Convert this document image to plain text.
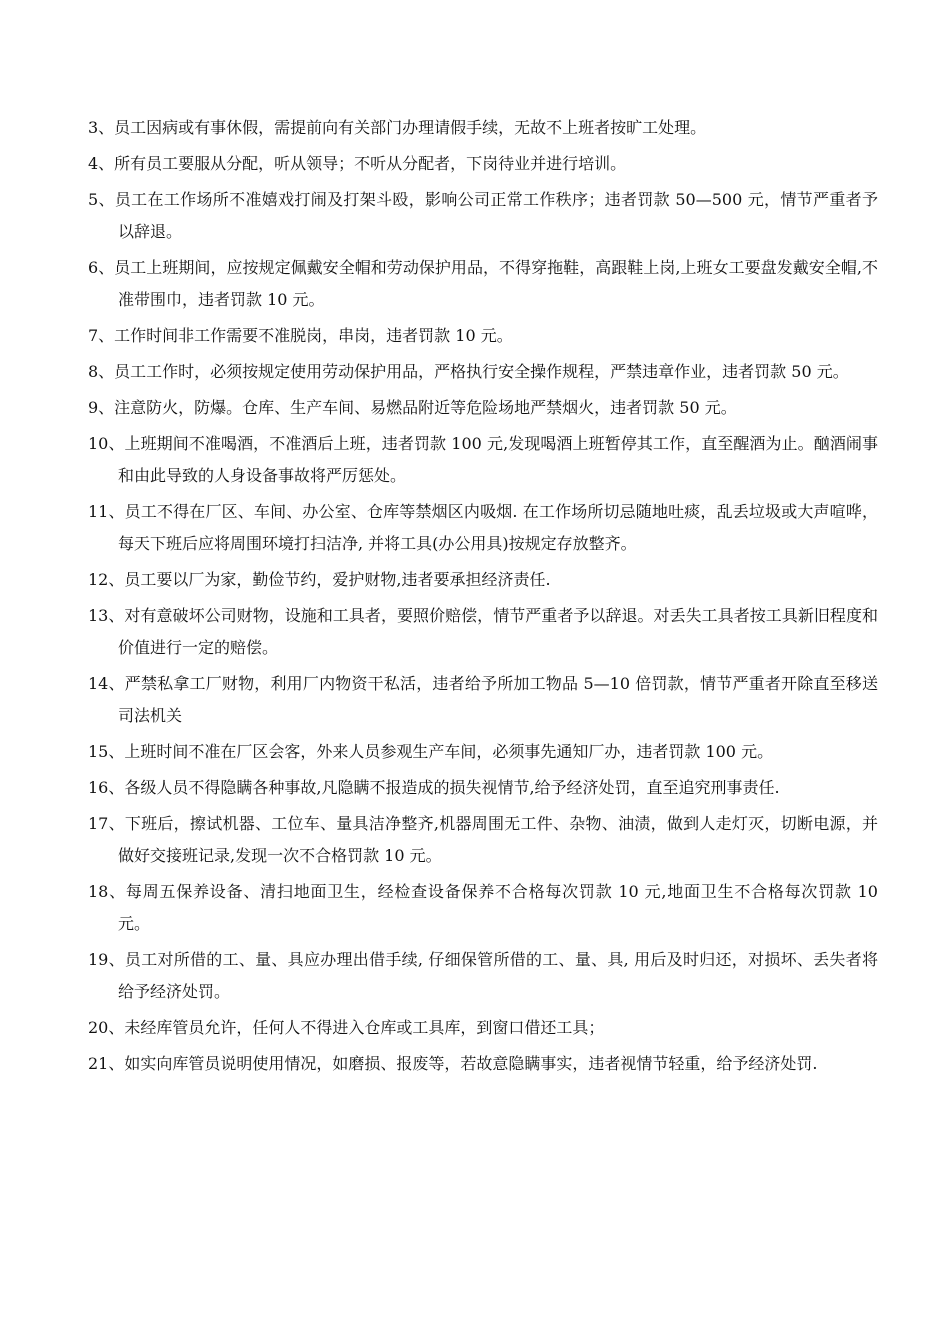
3、员工因病或有事休假，需提前向有关部门办理请假手续，无故不上班者按旷工处理。
4、所有员工要服从分配，听从领导；不听从分配者，下岗待业并进行培训。
5、员工在工作场所不准嬉戏打闹及打架斗殴，影响公司正常工作秩序；违者罚款 50—500 元，情节严重者予以辞退。
6、员工上班期间，应按规定佩戴安全帽和劳动保护用品，不得穿拖鞋，高跟鞋上岗,上班女工要盘发戴安全帽,不准带围巾，违者罚款 10 元。
7、工作时间非工作需要不准脱岗，串岗，违者罚款 10 元。
8、员工工作时，必须按规定使用劳动保护用品，严格执行安全操作规程，严禁违章作业，违者罚款 50 元。
9、注意防火，防爆。仓库、生产车间、易燃品附近等危险场地严禁烟火，违者罚款 50 元。
10、上班期间不准喝酒，不准酒后上班，违者罚款 100 元,发现喝酒上班暂停其工作，直至醒酒为止。酗酒闹事和由此导致的人身设备事故将严厉惩处。
11、员工不得在厂区、车间、办公室、仓库等禁烟区内吸烟. 在工作场所切忌随地吐痰，乱丢垃圾或大声喧哗，每天下班后应将周围环境打扫洁净, 并将工具(办公用具)按规定存放整齐。
12、员工要以厂为家，勤俭节约，爱护财物,违者要承担经济责任.
13、对有意破坏公司财物，设施和工具者，要照价赔偿，情节严重者予以辞退。对丢失工具者按工具新旧程度和价值进行一定的赔偿。
14、严禁私拿工厂财物，利用厂内物资干私活，违者给予所加工物品 5—10 倍罚款，情节严重者开除直至移送司法机关
15、上班时间不准在厂区会客，外来人员参观生产车间，必须事先通知厂办，违者罚款 100 元。
16、各级人员不得隐瞒各种事故,凡隐瞒不报造成的损失视情节,给予经济处罚，直至追究刑事责任.
17、下班后，擦试机器、工位车、量具洁净整齐,机器周围无工件、杂物、油渍，做到人走灯灭，切断电源，并做好交接班记录,发现一次不合格罚款 10 元。
18、每周五保养设备、清扫地面卫生，经检查设备保养不合格每次罚款 10 元,地面卫生不合格每次罚款 10 元。
19、员工对所借的工、量、具应办理出借手续, 仔细保管所借的工、量、具, 用后及时归还，对损坏、丢失者将给予经济处罚。
20、未经库管员允许，任何人不得进入仓库或工具库，到窗口借还工具；
21、如实向库管员说明使用情况，如磨损、报废等，若故意隐瞒事实，违者视情节轻重，给予经济处罚.
